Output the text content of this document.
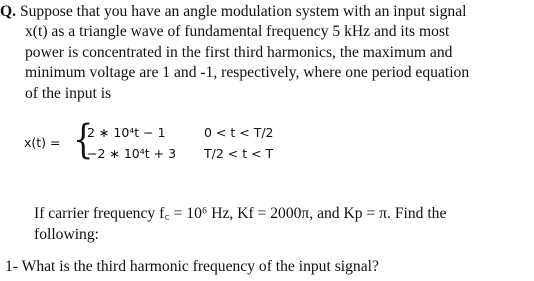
Q. Suppose that you have an angle modulation system with an input signal
x(t) as a triangle wave of fundamental frequency 5 kHz and its most
power is concentrated in the first third harmonics, the maximum and
minimum voltage are 1 and -1, respectively, where one period equation
of the input is
x(t) = {
2 ∗ 10⁴t − 1	0 < t < T/2
−2 ∗ 10⁴t + 3 T/2 < t < T
If carrier frequency f꜀ = 10⁶ Hz, Kf = 2000π, and Kp = π. Find the
following:
1- What is the third harmonic frequency of the input signal?
